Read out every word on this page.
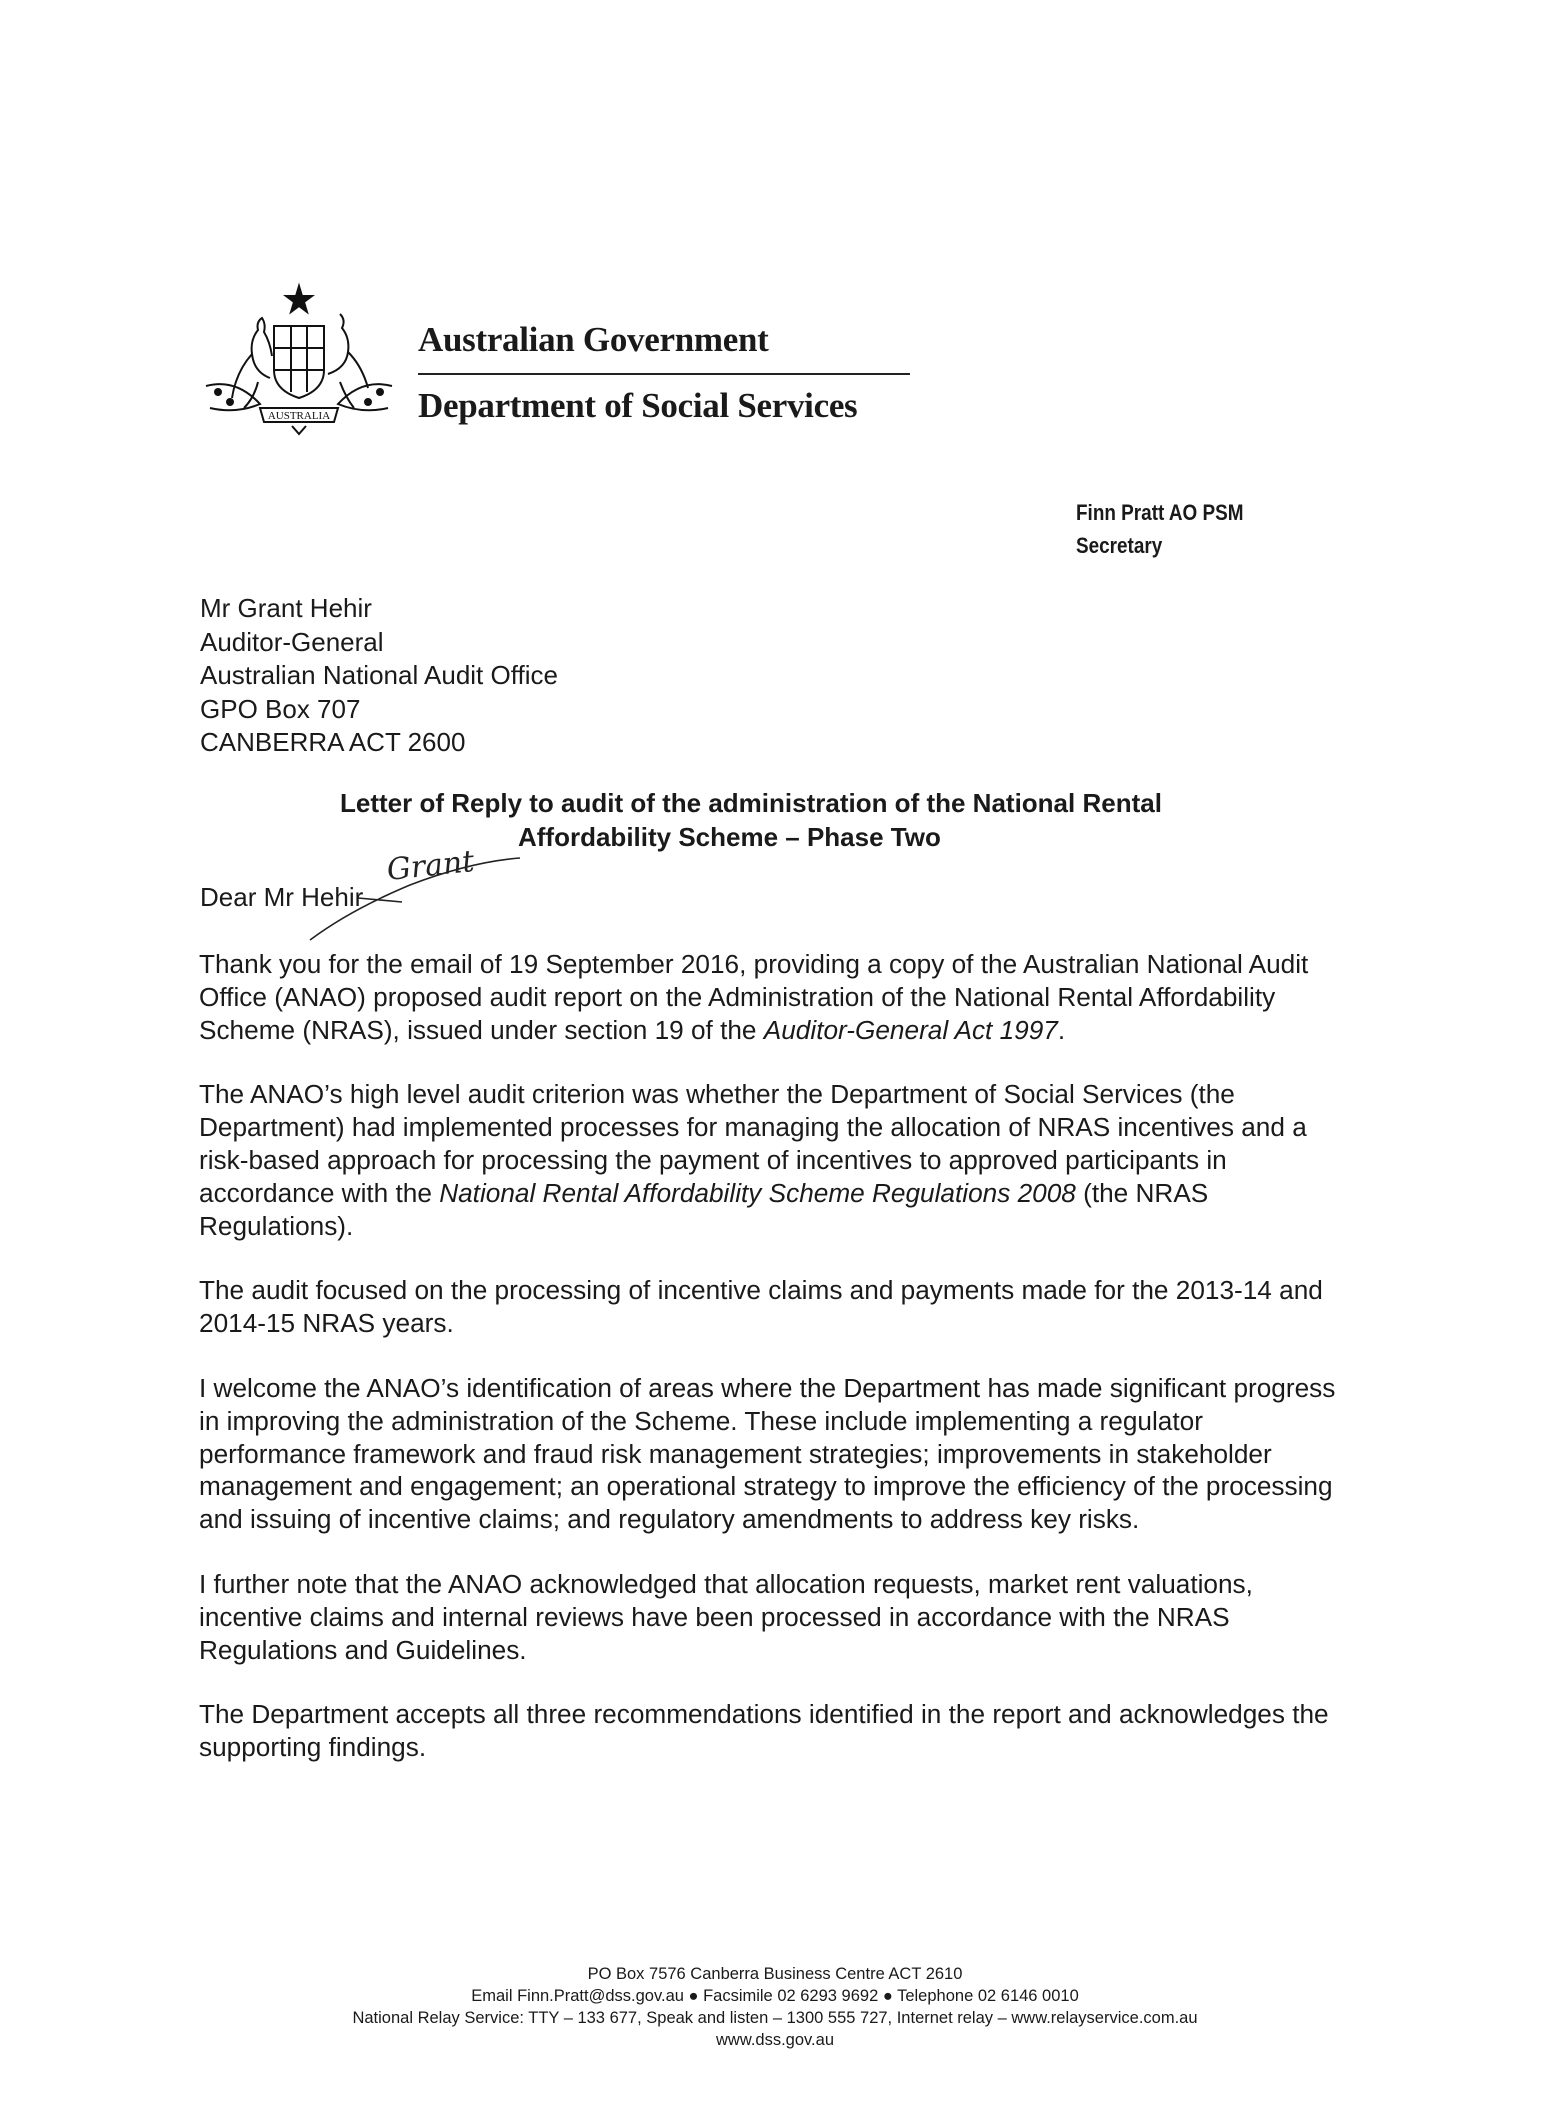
AUSTRALIA
Australian Government
Department of Social Services
Finn Pratt AO PSM
Secretary
Mr Grant Hehir
Auditor-General
Australian National Audit Office
GPO Box 707
CANBERRA ACT 2600
Letter of Reply to audit of the administration of the National Rental
Affordability Scheme – Phase Two
Dear Mr Hehir
Grant

Thank you for the email of 19 September 2016, providing a copy of the Australian National Audit Office (ANAO) proposed audit report on the Administration of the National Rental Affordability Scheme (NRAS), issued under section 19 of the Auditor-General Act 1997.

The ANAO’s high level audit criterion was whether the Department of Social Services (the Department) had implemented processes for managing the allocation of NRAS incentives and a risk-based approach for processing the payment of incentives to approved participants in accordance with the National Rental Affordability Scheme Regulations 2008 (the NRAS Regulations).

The audit focused on the processing of incentive claims and payments made for the 2013-14 and 2014-15 NRAS years.

I welcome the ANAO’s identification of areas where the Department has made significant progress in improving the administration of the Scheme. These include implementing a regulator performance framework and fraud risk management strategies; improvements in stakeholder management and engagement; an operational strategy to improve the efficiency of the processing and issuing of incentive claims; and regulatory amendments to address key risks.

I further note that the ANAO acknowledged that allocation requests, market rent valuations, incentive claims and internal reviews have been processed in accordance with the NRAS Regulations and Guidelines.

The Department accepts all three recommendations identified in the report and acknowledges the supporting findings.

PO Box 7576 Canberra Business Centre ACT 2610
Email Finn.Pratt@dss.gov.au ● Facsimile 02 6293 9692 ● Telephone 02 6146 0010
National Relay Service: TTY – 133 677, Speak and listen – 1300 555 727, Internet relay – www.relayservice.com.au
www.dss.gov.au
